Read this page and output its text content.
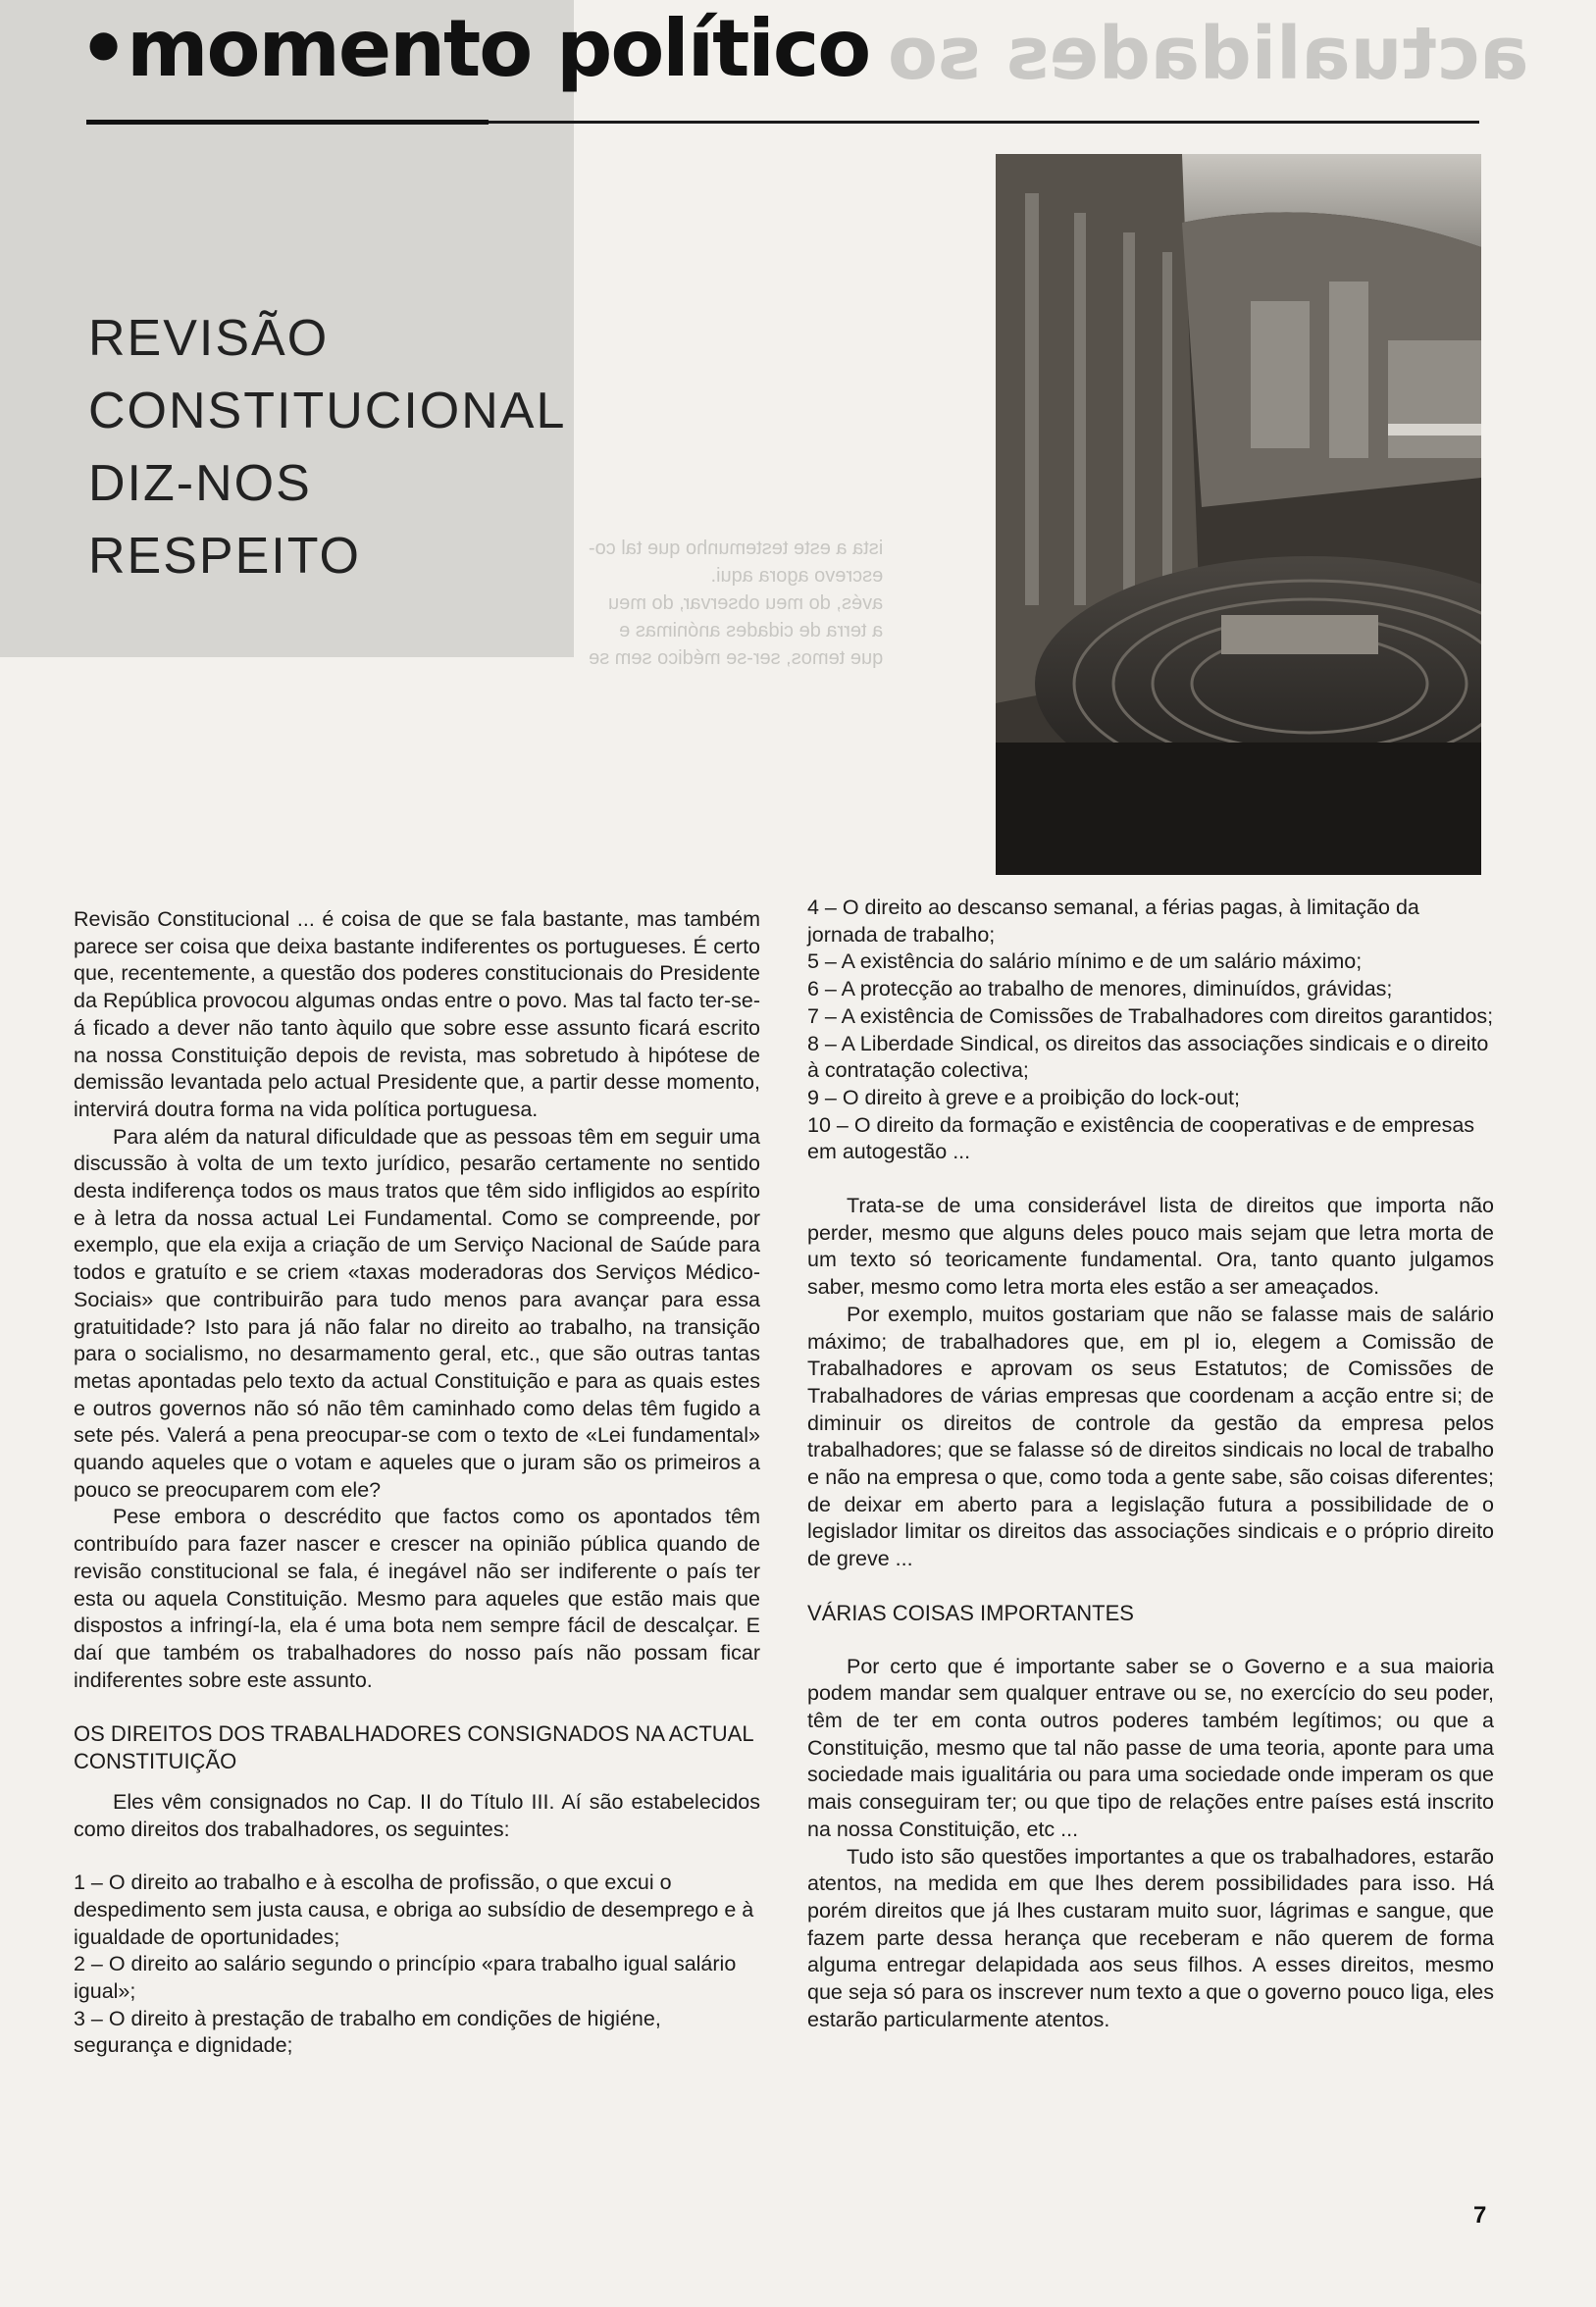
actualidades so
•momento político
REVISÃO
CONSTITUCIONAL
DIZ-NOS
RESPEITO	ista a este testemunho que tal co-
escrevo agora aqui.
avés, do meu observar, do meu
a terra de cidades anónimas e
que temos, ser-se médico sem se

Revisão Constitucional ... é coisa de que se fala bastante, mas também parece ser coisa que deixa bastante indiferentes os portugueses. É certo que, recentemente, a questão dos poderes constitucionais do Presidente da República provocou algumas ondas entre o povo. Mas tal facto ter-se-á ficado a dever não tanto àquilo que sobre esse assunto ficará escrito na nossa Constituição depois de revista, mas sobretudo à hipótese de demissão levantada pelo actual Presidente que, a partir desse momento, intervirá doutra forma na vida política portuguesa.

Para além da natural dificuldade que as pessoas têm em seguir uma discussão à volta de um texto jurídico, pesarão certamente no sentido desta indiferença todos os maus tratos que têm sido infligidos ao espírito e à letra da nossa actual Lei Fundamental. Como se compreende, por exemplo, que ela exija a criação de um Serviço Nacional de Saúde para todos e gratuíto e se criem «taxas moderadoras dos Serviços Médico-Sociais» que contribuirão para tudo menos para avançar para essa gratuitidade? Isto para já não falar no direito ao trabalho, na transição para o socialismo, no desarmamento geral, etc., que são outras tantas metas apontadas pelo texto da actual Constituição e para as quais estes e outros governos não só não têm caminhado como delas têm fugido a sete pés. Valerá a pena preocupar-se com o texto de «Lei fundamental» quando aqueles que o votam e aqueles que o juram são os primeiros a pouco se preocuparem com ele?

Pese embora o descrédito que factos como os apontados têm contribuído para fazer nascer e crescer na opinião pública quando de revisão constitucional se fala, é inegável não ser indiferente o país ter esta ou aquela Constituição. Mesmo para aqueles que estão mais que dispostos a infringí-la, ela é uma bota nem sempre fácil de descalçar. E daí que também os trabalhadores do nosso país não possam ficar indiferentes sobre este assunto.

OS DIREITOS DOS TRABALHADORES CONSIGNADOS NA ACTUAL CONSTITUIÇÃO

Eles vêm consignados no Cap. II do Título III. Aí são estabelecidos como direitos dos trabalhadores, os seguintes:

1 – O direito ao trabalho e à escolha de profissão, o que excui o despedimento sem justa causa, e obriga ao subsídio de desemprego e à igualdade de oportunidades;

2 – O direito ao salário segundo o princípio «para trabalho igual salário igual»;

3 – O direito à prestação de trabalho em condições de higiéne, segurança e dignidade;

4 – O direito ao descanso semanal, a férias pagas, à limitação da jornada de trabalho;

5 – A existência do salário mínimo e de um salário máximo;

6 – A protecção ao trabalho de menores, diminuídos, grávidas;

7 – A existência de Comissões de Trabalhadores com direitos garantidos;

8 – A Liberdade Sindical, os direitos das associações sindicais e o direito à contratação colectiva;

9 – O direito à greve e a proibição do lock-out;

10 – O direito da formação e existência de cooperativas e de empresas em autogestão ...

Trata-se de uma considerável lista de direitos que importa não perder, mesmo que alguns deles pouco mais sejam que letra morta de um texto só teoricamente fundamental. Ora, tanto quanto julgamos saber, mesmo como letra morta eles estão a ser ameaçados.

Por exemplo, muitos gostariam que não se falasse mais de salário máximo; de trabalhadores que, em pl io, elegem a Comissão de Trabalhadores e aprovam os seus Estatutos; de Comissões de Trabalhadores de várias empresas que coordenam a acção entre si; de diminuir os direitos de controle da gestão da empresa pelos trabalhadores; que se falasse só de direitos sindicais no local de trabalho e não na empresa o que, como toda a gente sabe, são coisas diferentes; de deixar em aberto para a legislação futura a possibilidade de o legislador limitar os direitos das associações sindicais e o próprio direito de greve ...

VÁRIAS COISAS IMPORTANTES

Por certo que é importante saber se o Governo e a sua maioria podem mandar sem qualquer entrave ou se, no exercício do seu poder, têm de ter em conta outros poderes também legítimos; ou que a Constituição, mesmo que tal não passe de uma teoria, aponte para uma sociedade mais igualitária ou para uma sociedade onde imperam os que mais conseguiram ter; ou que tipo de relações entre países está inscrito na nossa Constituição, etc ...

Tudo isto são questões importantes a que os trabalhadores, estarão atentos, na medida em que lhes derem possibilidades para isso. Há porém direitos que já lhes custaram muito suor, lágrimas e sangue, que fazem parte dessa herança que receberam e não querem de forma alguma entregar delapidada aos seus filhos. A esses direitos, mesmo que seja só para os inscrever num texto a que o governo pouco liga, eles estarão particularmente atentos.

7
